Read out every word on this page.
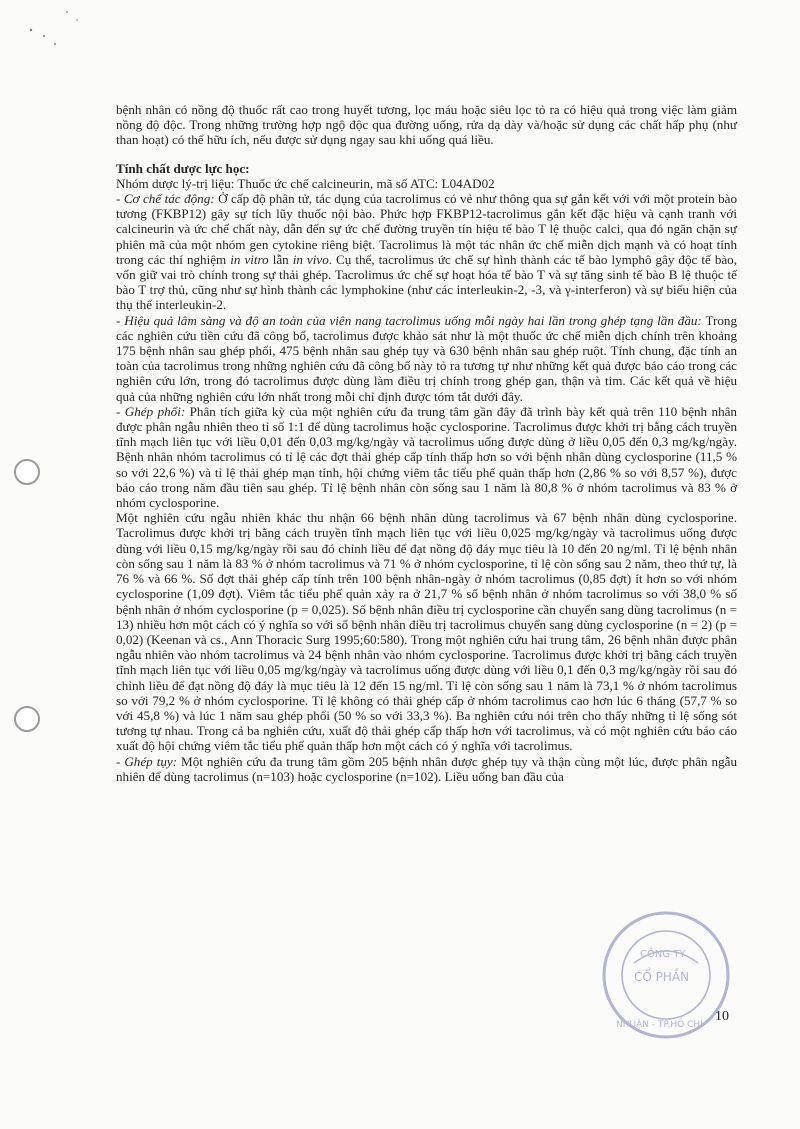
bệnh nhân có nồng độ thuốc rất cao trong huyết tương, lọc máu hoặc siêu lọc tỏ ra có hiệu quả trong việc làm giảm nồng độ độc. Trong những trường hợp ngộ độc qua đường uống, rửa dạ dày và/hoặc sử dụng các chất hấp phụ (như than hoạt) có thể hữu ích, nếu được sử dụng ngay sau khi uống quá liều.

Tính chất dược lực học:

Nhóm dược lý-trị liệu: Thuốc ức chế calcineurin, mã số ATC: L04AD02

- Cơ chế tác động: Ở cấp độ phân tử, tác dụng của tacrolimus có vẻ như thông qua sự gắn kết với với một protein bào tương (FKBP12) gây sự tích lũy thuốc nội bào. Phức hợp FKBP12-tacrolimus gắn kết đặc hiệu và cạnh tranh với calcineurin và ức chế chất này, dẫn đến sự ức chế đường truyền tín hiệu tế bào T lệ thuộc calci, qua đó ngăn chặn sự phiên mã của một nhóm gen cytokine riêng biệt. Tacrolimus là một tác nhân ức chế miễn dịch mạnh và có hoạt tính trong các thí nghiệm in vitro lẫn in vivo. Cụ thể, tacrolimus ức chế sự hình thành các tế bào lymphô gây độc tế bào, vốn giữ vai trò chính trong sự thải ghép. Tacrolimus ức chế sự hoạt hóa tế bào T và sự tăng sinh tế bào B lệ thuộc tế bào T trợ thủ, cũng như sự hình thành các lymphokine (như các interleukin-2, -3, và γ-interferon) và sự biểu hiện của thụ thể interleukin-2.

- Hiệu quả lâm sàng và độ an toàn của viên nang tacrolimus uống mỗi ngày hai lần trong ghép tạng lần đầu: Trong các nghiên cứu tiền cứu đã công bố, tacrolimus được khảo sát như là một thuốc ức chế miễn dịch chính trên khoảng 175 bệnh nhân sau ghép phổi, 475 bệnh nhân sau ghép tụy và 630 bệnh nhân sau ghép ruột. Tính chung, đặc tính an toàn của tacrolimus trong những nghiên cứu đã công bố này tỏ ra tương tự như những kết quả được báo cáo trong các nghiên cứu lớn, trong đó tacrolimus được dùng làm điều trị chính trong ghép gan, thận và tim. Các kết quả về hiệu quả của những nghiên cứu lớn nhất trong mỗi chỉ định được tóm tắt dưới đây.

- Ghép phổi: Phân tích giữa kỳ của một nghiên cứu đa trung tâm gần đây đã trình bày kết quả trên 110 bệnh nhân được phân ngẫu nhiên theo tỉ số 1:1 để dùng tacrolimus hoặc cyclosporine. Tacrolimus được khởi trị bằng cách truyền tĩnh mạch liên tục với liều 0,01 đến 0,03 mg/kg/ngày và tacrolimus uống được dùng ở liều 0,05 đến 0,3 mg/kg/ngày. Bệnh nhân nhóm tacrolimus có tỉ lệ các đợt thải ghép cấp tính thấp hơn so với bệnh nhân dùng cyclosporine (11,5 % so với 22,6 %) và tỉ lệ thải ghép mạn tính, hội chứng viêm tắc tiểu phế quản thấp hơn (2,86 % so với 8,57 %), được báo cáo trong năm đầu tiên sau ghép. Tỉ lệ bệnh nhân còn sống sau 1 năm là 80,8 % ở nhóm tacrolimus và 83 % ở nhóm cyclosporine.

Một nghiên cứu ngẫu nhiên khác thu nhận 66 bệnh nhân dùng tacrolimus và 67 bệnh nhân dùng cyclosporine. Tacrolimus được khởi trị bằng cách truyền tĩnh mạch liên tục với liều 0,025 mg/kg/ngày và tacrolimus uống được dùng với liều 0,15 mg/kg/ngày rồi sau đó chỉnh liều để đạt nồng độ đáy mục tiêu là 10 đến 20 ng/ml. Tỉ lệ bệnh nhân còn sống sau 1 năm là 83 % ở nhóm tacrolimus và 71 % ở nhóm cyclosporine, tỉ lệ còn sống sau 2 năm, theo thứ tự, là 76 % và 66 %. Số đợt thải ghép cấp tính trên 100 bệnh nhân-ngày ở nhóm tacrolimus (0,85 đợt) ít hơn so với nhóm cyclosporine (1,09 đợt). Viêm tắc tiểu phế quản xảy ra ở 21,7 % số bệnh nhân ở nhóm tacrolimus so với 38,0 % số bệnh nhân ở nhóm cyclosporine (p = 0,025). Số bệnh nhân điều trị cyclosporine cần chuyển sang dùng tacrolimus (n = 13) nhiều hơn một cách có ý nghĩa so với số bệnh nhân điều trị tacrolimus chuyển sang dùng cyclosporine (n = 2) (p = 0,02) (Keenan và cs., Ann Thoracic Surg 1995;60:580). Trong một nghiên cứu hai trung tâm, 26 bệnh nhân được phân ngẫu nhiên vào nhóm tacrolimus và 24 bệnh nhân vào nhóm cyclosporine. Tacrolimus được khởi trị bằng cách truyền tĩnh mạch liên tục với liều 0,05 mg/kg/ngày và tacrolimus uống được dùng với liều 0,1 đến 0,3 mg/kg/ngày rồi sau đó chỉnh liều để đạt nồng độ đáy là mục tiêu là 12 đến 15 ng/ml. Tỉ lệ còn sống sau 1 năm là 73,1 % ở nhóm tacrolimus so với 79,2 % ở nhóm cyclosporine. Tỉ lệ không có thải ghép cấp ở nhóm tacrolimus cao hơn lúc 6 tháng (57,7 % so với 45,8 %) và lúc 1 năm sau ghép phổi (50 % so với 33,3 %). Ba nghiên cứu nói trên cho thấy những tỉ lệ sống sót tương tự nhau. Trong cả ba nghiên cứu, xuất độ thải ghép cấp thấp hơn với tacrolimus, và có một nghiên cứu báo cáo xuất độ hội chứng viêm tắc tiểu phế quản thấp hơn một cách có ý nghĩa với tacrolimus.

- Ghép tụy: Một nghiên cứu đa trung tâm gồm 205 bệnh nhân được ghép tụy và thận cùng một lúc, được phân ngẫu nhiên để dùng tacrolimus (n=103) hoặc cyclosporine (n=102). Liều uống ban đầu của

CÔNG TY
CỔ PHẦN
NHUẬN - TP.HỒ CHÍ
10
